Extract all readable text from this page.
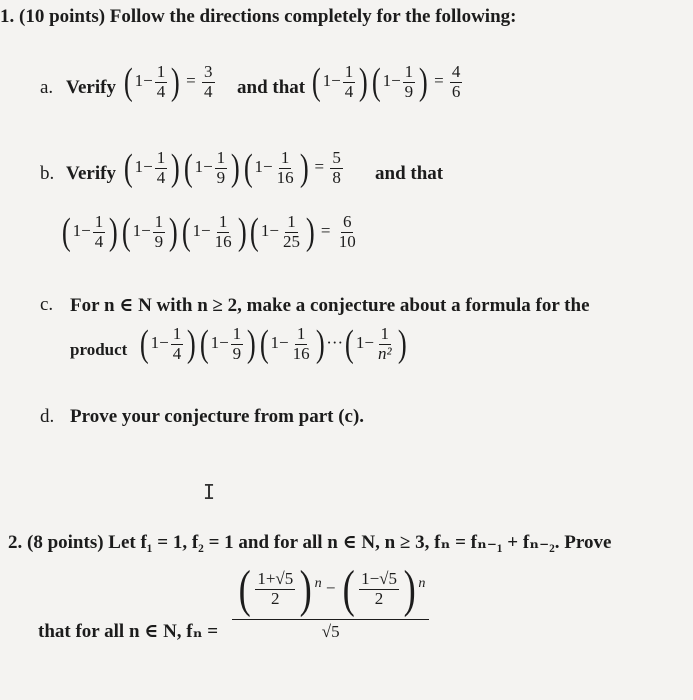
1. (10 points) Follow the directions completely for the following:
a. Verify ( $1- \frac{1}{4}$ ) = $\frac{3}{4}$ and that ( $1- \frac{1}{4}$ )( $1- \frac{1}{9}$ ) = $\frac{4}{6}$
b. Verify ( $1- \frac{1}{4}$ )( $1- \frac{1}{9}$ )( $1- \frac{1}{16}$ ) = $\frac{5}{8}$ and that
( $1- \frac{1}{4}$ )( $1- \frac{1}{9}$ )( $1- \frac{1}{16}$ )( $1- \frac{1}{25}$ ) = $\frac{6}{10}$
c. For n ∈ N with n ≥ 2, make a conjecture about a formula for the
product ( $1- \frac{1}{4}$ )( $1- \frac{1}{9}$ )( $1- \frac{1}{16}$ ) ···( $1- \frac{1}{\text{n²}}$ )
d. Prove your conjecture from part (c).
I
2. (8 points) Let f₁ = 1, f₂ = 1 and for all n ∈ N, n ≥ 3, fₙ = fₙ₋₁ + fₙ₋₂. Prove
that for all n ∈ N, $f_n = \frac{( \frac{1+√5}{2} ) ^n - ( \frac{1-√5}{2} ) ^n}{√5}$
